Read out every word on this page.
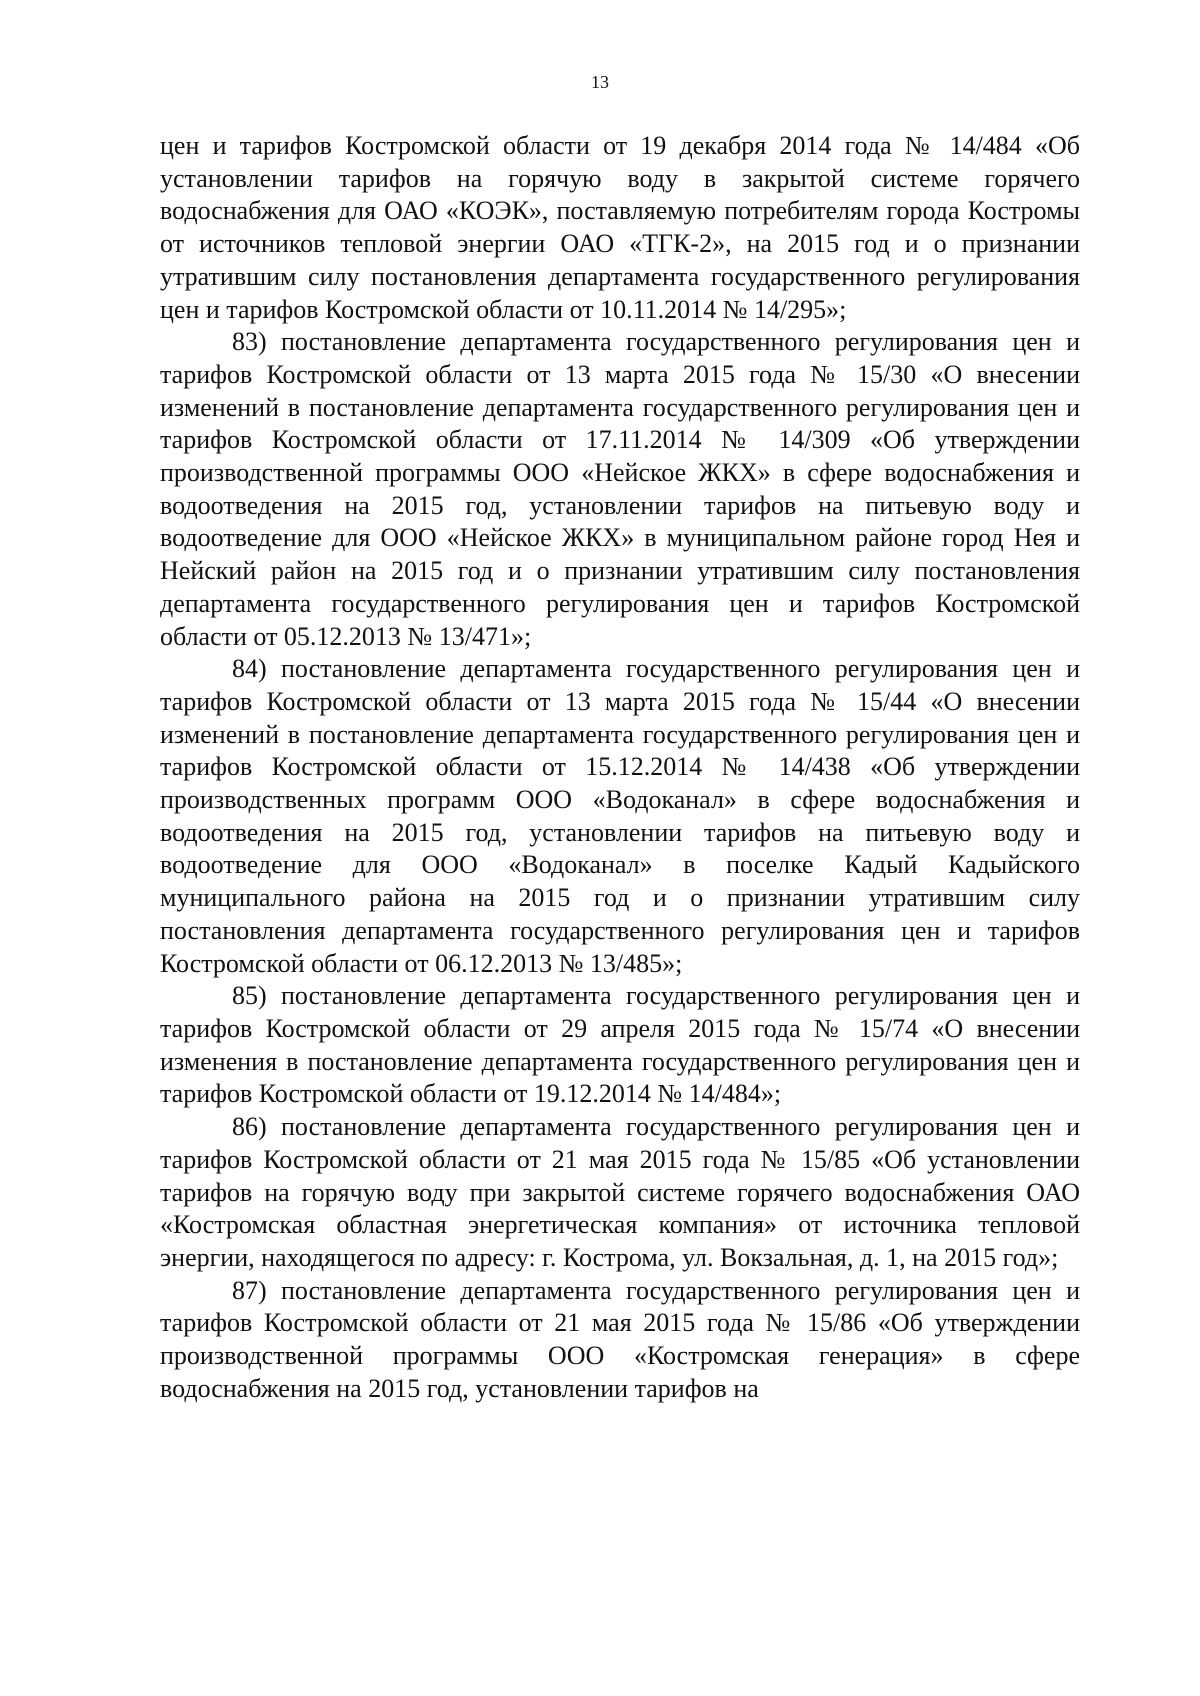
13

цен и тарифов Костромской области от 19 декабря 2014 года № 14/484 «Об установлении тарифов на горячую воду в закрытой системе горячего водоснабжения для ОАО «КОЭК», поставляемую потребителям города Костромы от источников тепловой энергии ОАО «ТГК-2», на 2015 год и о признании утратившим силу постановления департамента государственного регулирования цен и тарифов Костромской области от 10.11.2014 № 14/295»;

83) постановление департамента государственного регулирования цен и тарифов Костромской области от 13 марта 2015 года № 15/30 «О внесении изменений в постановление департамента государственного регулирования цен и тарифов Костромской области от 17.11.2014 № 14/309 «Об утверждении производственной программы ООО «Нейское ЖКХ» в сфере водоснабжения и водоотведения на 2015 год, установлении тарифов на питьевую воду и водоотведение для ООО «Нейское ЖКХ» в муниципальном районе город Нея и Нейский район на 2015 год и о признании утратившим силу постановления департамента государственного регулирования цен и тарифов Костромской области от 05.12.2013 № 13/471»;

84) постановление департамента государственного регулирования цен и тарифов Костромской области от 13 марта 2015 года № 15/44 «О внесении изменений в постановление департамента государственного регулирования цен и тарифов Костромской области от 15.12.2014 № 14/438 «Об утверждении производственных программ ООО «Водоканал» в сфере водоснабжения и водоотведения на 2015 год, установлении тарифов на питьевую воду и водоотведение для ООО «Водоканал» в поселке Кадый Кадыйского муниципального района на 2015 год и о признании утратившим силу постановления департамента государственного регулирования цен и тарифов Костромской области от 06.12.2013 № 13/485»;

85) постановление департамента государственного регулирования цен и тарифов Костромской области от 29 апреля 2015 года № 15/74 «О внесении изменения в постановление департамента государственного регулирования цен и тарифов Костромской области от 19.12.2014 № 14/484»;

86) постановление департамента государственного регулирования цен и тарифов Костромской области от 21 мая 2015 года № 15/85 «Об установлении тарифов на горячую воду при закрытой системе горячего водоснабжения ОАО «Костромская областная энергетическая компания» от источника тепловой энергии, находящегося по адресу: г. Кострома, ул. Вокзальная, д. 1, на 2015 год»;

87) постановление департамента государственного регулирования цен и тарифов Костромской области от 21 мая 2015 года № 15/86 «Об утверждении производственной программы ООО «Костромская генерация» в сфере водоснабжения на 2015 год, установлении тарифов на
